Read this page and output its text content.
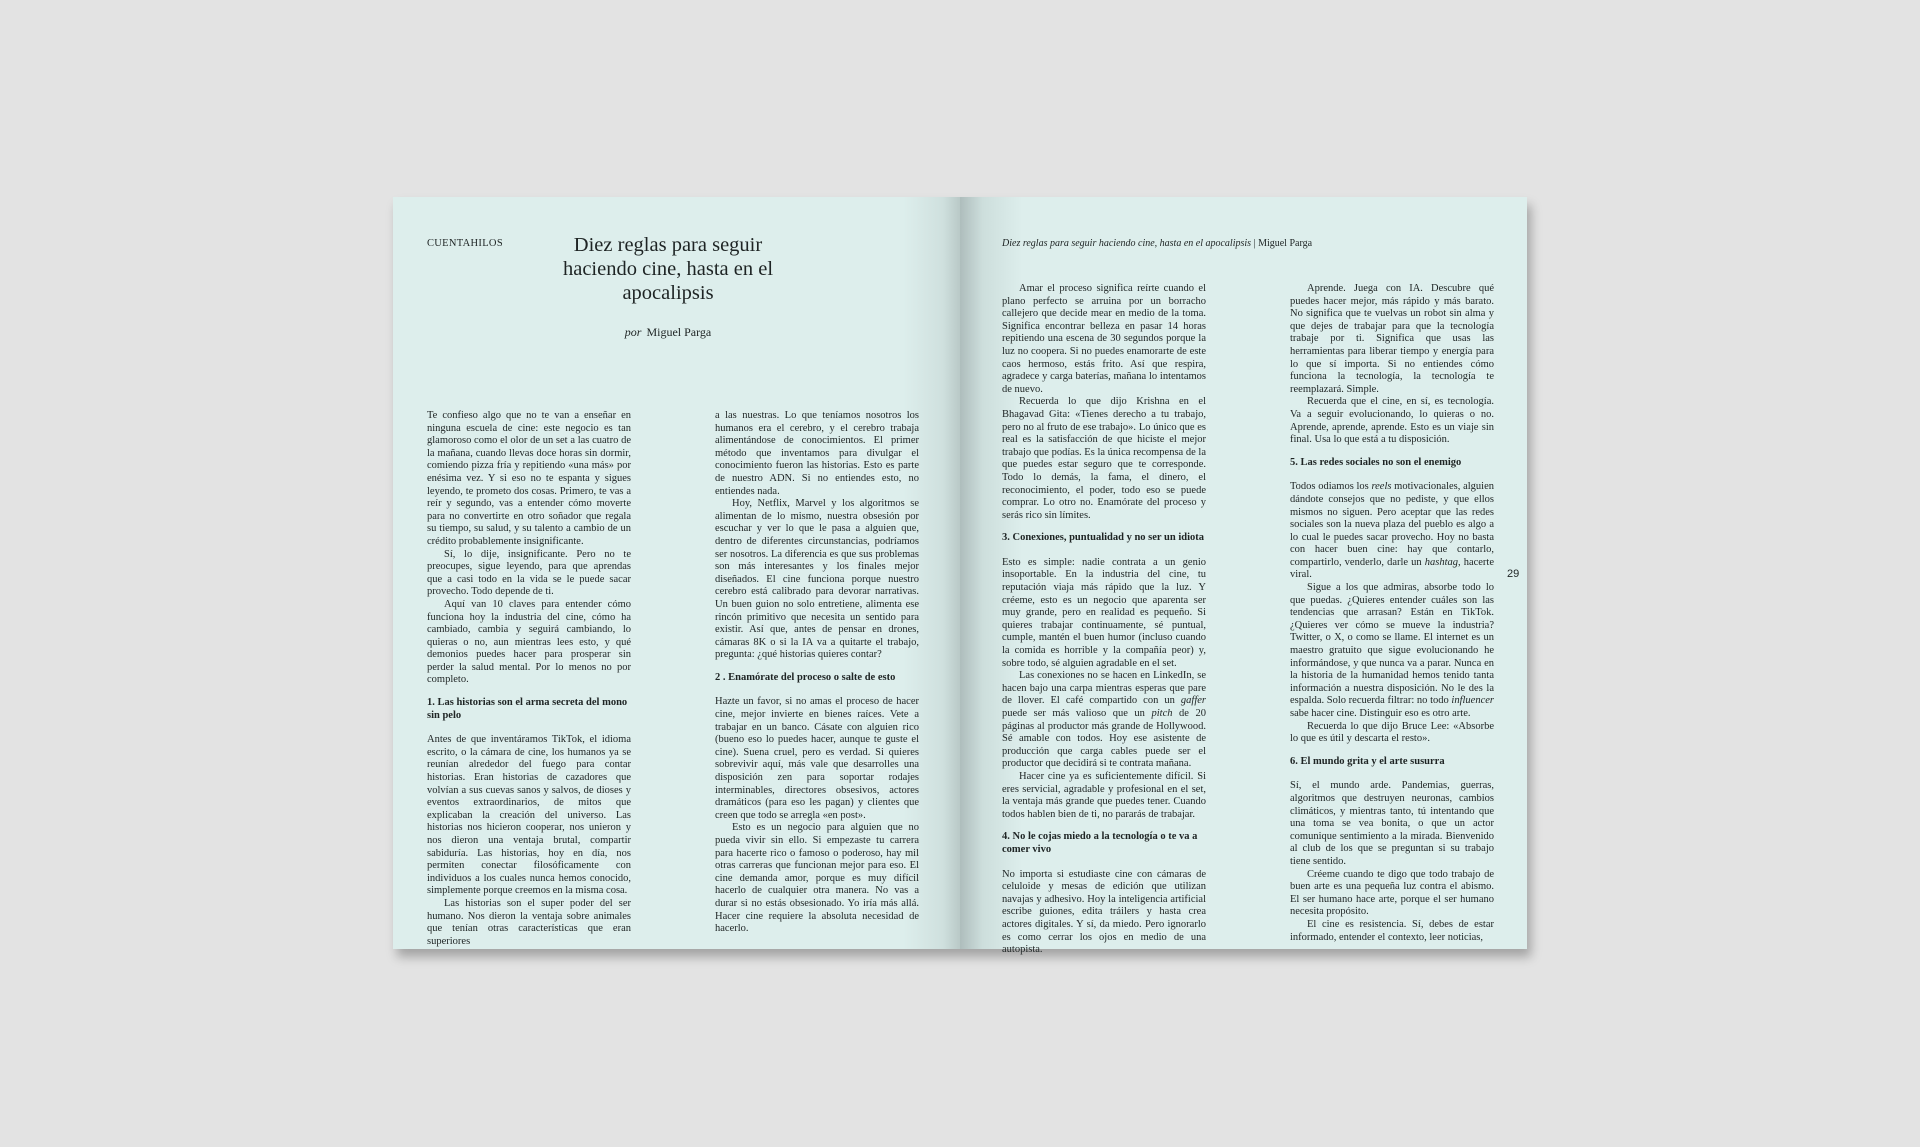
CUENTAHILOS	Diez reglas para seguir haciendo cine, hasta en el apocalipsis
por Miguel Parga

Te confieso algo que no te van a enseñar en ninguna escuela de cine: este negocio es tan glamoroso como el olor de un set a las cuatro de la mañana, cuando llevas doce horas sin dormir, comiendo pizza fría y repitiendo «una más» por enésima vez. Y si eso no te espanta y sigues leyendo, te prometo dos cosas. Primero, te vas a reír y segundo, vas a entender cómo moverte para no convertirte en otro soñador que regala su tiempo, su salud, y su talento a cambio de un crédito probablemente insignificante.

Sí, lo dije, insignificante. Pero no te preocupes, sigue leyendo, para que aprendas que a casi todo en la vida se le puede sacar provecho. Todo depende de ti.

Aquí van 10 claves para entender cómo funciona hoy la industria del cine, cómo ha cambiado, cambia y seguirá cambiando, lo quieras o no, aun mientras lees esto, y qué demonios puedes hacer para prosperar sin perder la salud mental. Por lo menos no por completo.

1. Las historias son el arma secreta del mono sin pelo

Antes de que inventáramos TikTok, el idioma escrito, o la cámara de cine, los humanos ya se reunían alrededor del fuego para contar historias. Eran historias de cazadores que volvían a sus cuevas sanos y salvos, de dioses y eventos extraordinarios, de mitos que explicaban la creación del universo. Las historias nos hicieron cooperar, nos unieron y nos dieron una ventaja brutal, compartir sabiduría. Las historias, hoy en día, nos permiten conectar filosóficamente con individuos a los cuales nunca hemos conocido, simplemente porque creemos en la misma cosa.

Las historias son el super poder del ser humano. Nos dieron la ventaja sobre animales que tenían otras características que eran superiores

a las nuestras. Lo que teníamos nosotros los humanos era el cerebro, y el cerebro trabaja alimentándose de conocimientos. El primer método que inventamos para divulgar el conocimiento fueron las historias. Esto es parte de nuestro ADN. Si no entiendes esto, no entiendes nada.

Hoy, Netflix, Marvel y los algoritmos se alimentan de lo mismo, nuestra obsesión por escuchar y ver lo que le pasa a alguien que, dentro de diferentes circunstancias, podríamos ser nosotros. La diferencia es que sus problemas son más interesantes y los finales mejor diseñados. El cine funciona porque nuestro cerebro está calibrado para devorar narrativas. Un buen guion no solo entretiene, alimenta ese rincón primitivo que necesita un sentido para existir. Así que, antes de pensar en drones, cámaras 8K o si la IA va a quitarte el trabajo, pregunta: ¿qué historias quieres contar?

2 . Enamórate del proceso o salte de esto

Hazte un favor, si no amas el proceso de hacer cine, mejor invierte en bienes raíces. Vete a trabajar en un banco. Cásate con alguien rico (bueno eso lo puedes hacer, aunque te guste el cine). Suena cruel, pero es verdad. Si quieres sobrevivir aquí, más vale que desarrolles una disposición zen para soportar rodajes interminables, directores obsesivos, actores dramáticos (para eso les pagan) y clientes que creen que todo se arregla «en post».

Esto es un negocio para alguien que no pueda vivir sin ello. Si empezaste tu carrera para hacerte rico o famoso o poderoso, hay mil otras carreras que funcionan mejor para eso. El cine demanda amor, porque es muy difícil hacerlo de cualquier otra manera. No vas a durar si no estás obsesionado. Yo iría más allá. Hacer cine requiere la absoluta necesidad de hacerlo.

Diez reglas para seguir haciendo cine, hasta en el apocalipsis | Miguel Parga
29

Amar el proceso significa reírte cuando el plano perfecto se arruina por un borracho callejero que decide mear en medio de la toma. Significa encontrar belleza en pasar 14 horas repitiendo una escena de 30 segundos porque la luz no coopera. Si no puedes enamorarte de este caos hermoso, estás frito. Así que respira, agradece y carga baterías, mañana lo intentamos de nuevo.

Recuerda lo que dijo Krishna en el Bhagavad Gita: «Tienes derecho a tu trabajo, pero no al fruto de ese trabajo». Lo único que es real es la satisfacción de que hiciste el mejor trabajo que podías. Es la única recompensa de la que puedes estar seguro que te corresponde. Todo lo demás, la fama, el dinero, el reconocimiento, el poder, todo eso se puede comprar. Lo otro no. Enamórate del proceso y serás rico sin límites.

3. Conexiones, puntualidad y no ser un idiota

Esto es simple: nadie contrata a un genio insoportable. En la industria del cine, tu reputación viaja más rápido que la luz. Y créeme, esto es un negocio que aparenta ser muy grande, pero en realidad es pequeño. Si quieres trabajar continuamente, sé puntual, cumple, mantén el buen humor (incluso cuando la comida es horrible y la compañía peor) y, sobre todo, sé alguien agradable en el set.

Las conexiones no se hacen en LinkedIn, se hacen bajo una carpa mientras esperas que pare de llover. El café compartido con un gaffer puede ser más valioso que un pitch de 20 páginas al productor más grande de Hollywood. Sé amable con todos. Hoy ese asistente de producción que carga cables puede ser el productor que decidirá si te contrata mañana.

Hacer cine ya es suficientemente difícil. Si eres servicial, agradable y profesional en el set, la ventaja más grande que puedes tener. Cuando todos hablen bien de ti, no pararás de trabajar.

4. No le cojas miedo a la tecnología o te va a comer vivo

No importa si estudiaste cine con cámaras de celuloide y mesas de edición que utilizan navajas y adhesivo. Hoy la inteligencia artificial escribe guiones, edita tráilers y hasta crea actores digitales. Y sí, da miedo. Pero ignorarlo es como cerrar los ojos en medio de una autopista.

Aprende. Juega con IA. Descubre qué puedes hacer mejor, más rápido y más barato. No significa que te vuelvas un robot sin alma y que dejes de trabajar para que la tecnología trabaje por ti. Significa que usas las herramientas para liberar tiempo y energía para lo que sí importa. Si no entiendes cómo funciona la tecnología, la tecnología te reemplazará. Simple.

Recuerda que el cine, en sí, es tecnología. Va a seguir evolucionando, lo quieras o no. Aprende, aprende, aprende. Esto es un viaje sin final. Usa lo que está a tu disposición.

5. Las redes sociales no son el enemigo

Todos odiamos los reels motivacionales, alguien dándote consejos que no pediste, y que ellos mismos no siguen. Pero aceptar que las redes sociales son la nueva plaza del pueblo es algo a lo cual le puedes sacar provecho. Hoy no basta con hacer buen cine: hay que contarlo, compartirlo, venderlo, darle un hashtag, hacerte viral.

Sigue a los que admiras, absorbe todo lo que puedas. ¿Quieres entender cuáles son las tendencias que arrasan? Están en TikTok. ¿Quieres ver cómo se mueve la industria? Twitter, o X, o como se llame. El internet es un maestro gratuito que sigue evolucionando he informándose, y que nunca va a parar. Nunca en la historia de la humanidad hemos tenido tanta información a nuestra disposición. No le des la espalda. Solo recuerda filtrar: no todo influencer sabe hacer cine. Distinguir eso es otro arte.

Recuerda lo que dijo Bruce Lee: «Absorbe lo que es útil y descarta el resto».

6. El mundo grita y el arte susurra

Sí, el mundo arde. Pandemias, guerras, algoritmos que destruyen neuronas, cambios climáticos, y mientras tanto, tú intentando que una toma se vea bonita, o que un actor comunique sentimiento a la mirada. Bienvenido al club de los que se preguntan si su trabajo tiene sentido.

Créeme cuando te digo que todo trabajo de buen arte es una pequeña luz contra el abismo. El ser humano hace arte, porque el ser humano necesita propósito.

El cine es resistencia. Sí, debes de estar informado, entender el contexto, leer noticias,
